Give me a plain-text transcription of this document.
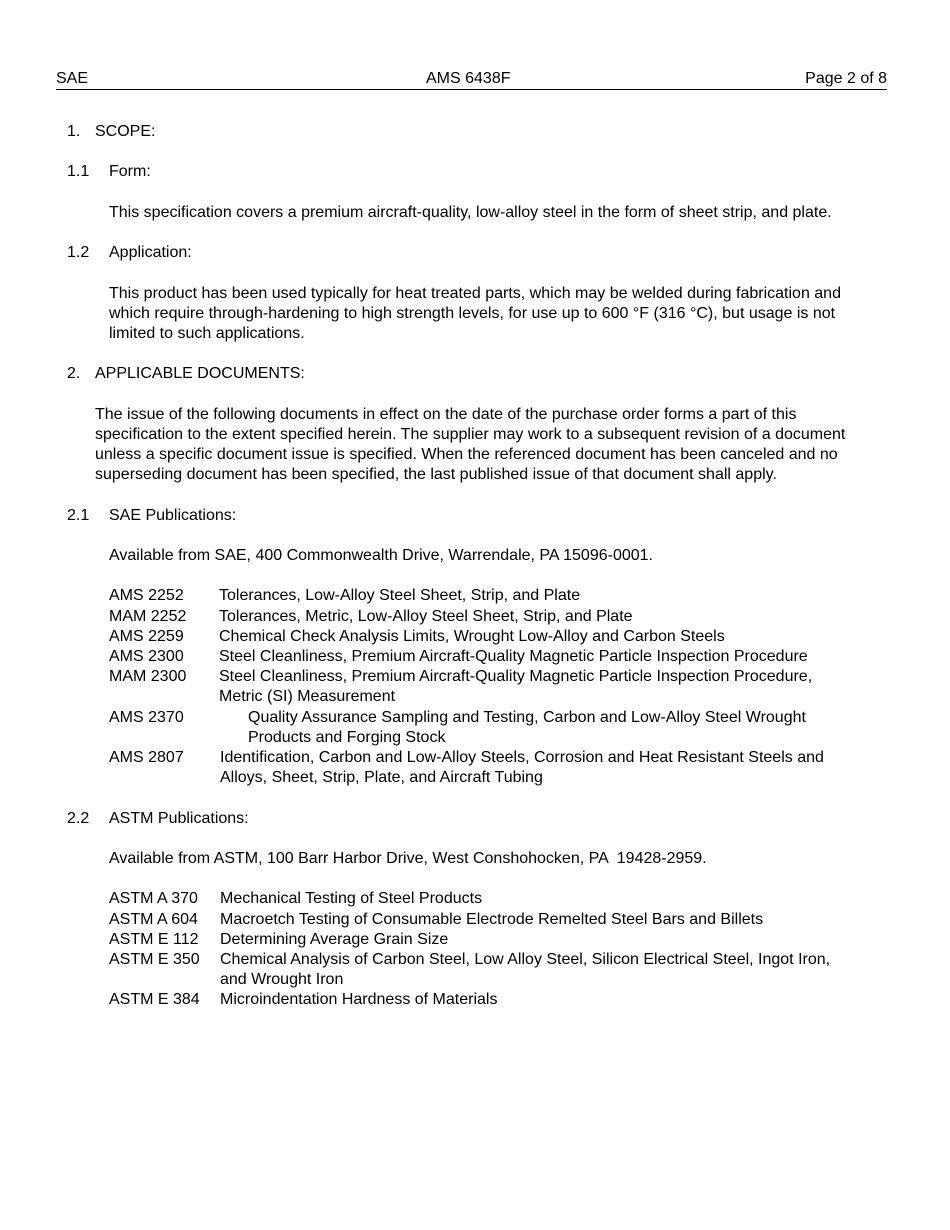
SAE	AMS 6438F	Page 2 of 8
1. SCOPE:
1.1 Form:
This specification covers a premium aircraft-quality, low-alloy steel in the form of sheet strip, and plate.
1.2 Application:
This product has been used typically for heat treated parts, which may be welded during fabrication and which require through-hardening to high strength levels, for use up to 600 °F (316 °C), but usage is not limited to such applications.
2. APPLICABLE DOCUMENTS:
The issue of the following documents in effect on the date of the purchase order forms a part of this specification to the extent specified herein. The supplier may work to a subsequent revision of a document unless a specific document issue is specified. When the referenced document has been canceled and no superseding document has been specified, the last published issue of that document shall apply.
2.1 SAE Publications:
Available from SAE, 400 Commonwealth Drive, Warrendale, PA 15096-0001.
AMS 2252 Tolerances, Low-Alloy Steel Sheet, Strip, and Plate
MAM 2252 Tolerances, Metric, Low-Alloy Steel Sheet, Strip, and Plate
AMS 2259 Chemical Check Analysis Limits, Wrought Low-Alloy and Carbon Steels
AMS 2300 Steel Cleanliness, Premium Aircraft-Quality Magnetic Particle Inspection Procedure
MAM 2300 Steel Cleanliness, Premium Aircraft-Quality Magnetic Particle Inspection Procedure, Metric (SI) Measurement
AMS 2370	Quality Assurance Sampling and Testing, Carbon and Low-Alloy Steel Wrought Products and Forging Stock
AMS 2807 Identification, Carbon and Low-Alloy Steels, Corrosion and Heat Resistant Steels and Alloys, Sheet, Strip, Plate, and Aircraft Tubing
2.2 ASTM Publications:
Available from ASTM, 100 Barr Harbor Drive, West Conshohocken, PA  19428-2959.
ASTM A 370 Mechanical Testing of Steel Products
ASTM A 604 Macroetch Testing of Consumable Electrode Remelted Steel Bars and Billets
ASTM E 112 Determining Average Grain Size
ASTM E 350 Chemical Analysis of Carbon Steel, Low Alloy Steel, Silicon Electrical Steel, Ingot Iron, and Wrought Iron
ASTM E 384 Microindentation Hardness of Materials
